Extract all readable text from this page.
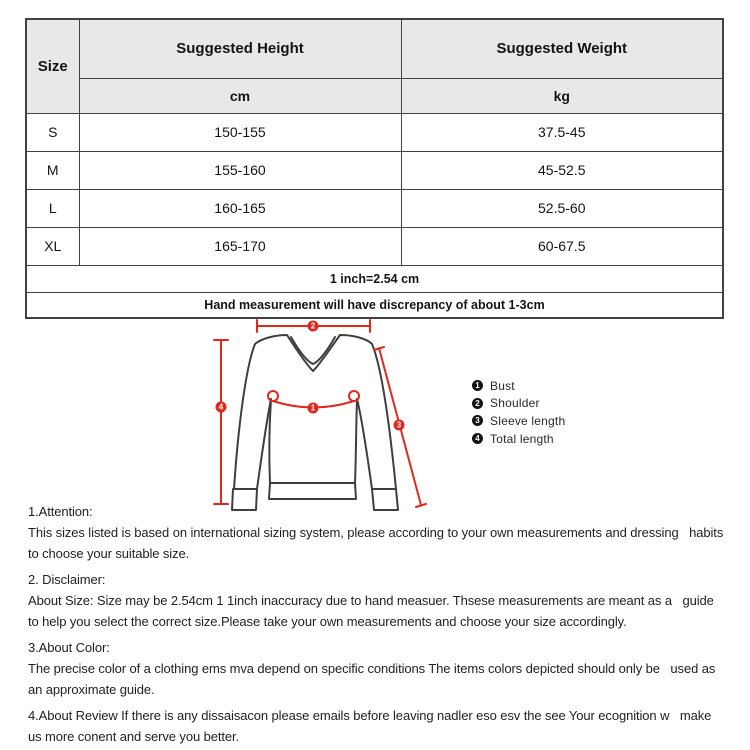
Size	Suggested Height	Suggested Weight
	cm	kg
S	150-155	37.5-45
M	155-160	45-52.5
L	160-165	52.5-60
XL	165-170	60-67.5
1 inch=2.54 cm		
Hand measurement will have discrepancy of about 1-3cm		
1
2
3
4
1 Bust
2 Shoulder
3 Sleeve length
4 Total length
1.Attention:
This sizes listed is based on international sizing system, please according to your own measurements and dressing   habits
to choose your suitable size.
2. Disclaimer:
About Size: Size may be 2.54cm 1 1inch inaccuracy due to hand measuer. Thsese measurements are meant as a   guide
to help you select the correct size.Please take your own measurements and choose your size accordingly.
3.About Color:
The precise color of a clothing ems mva depend on specific conditions The items colors depicted should only be   used as
an approximate guide.
4.About Review If there is any dissaisacon please emails before leaving nadler eso esv the see Your ecognition w   make
us more conent and serve you better.
